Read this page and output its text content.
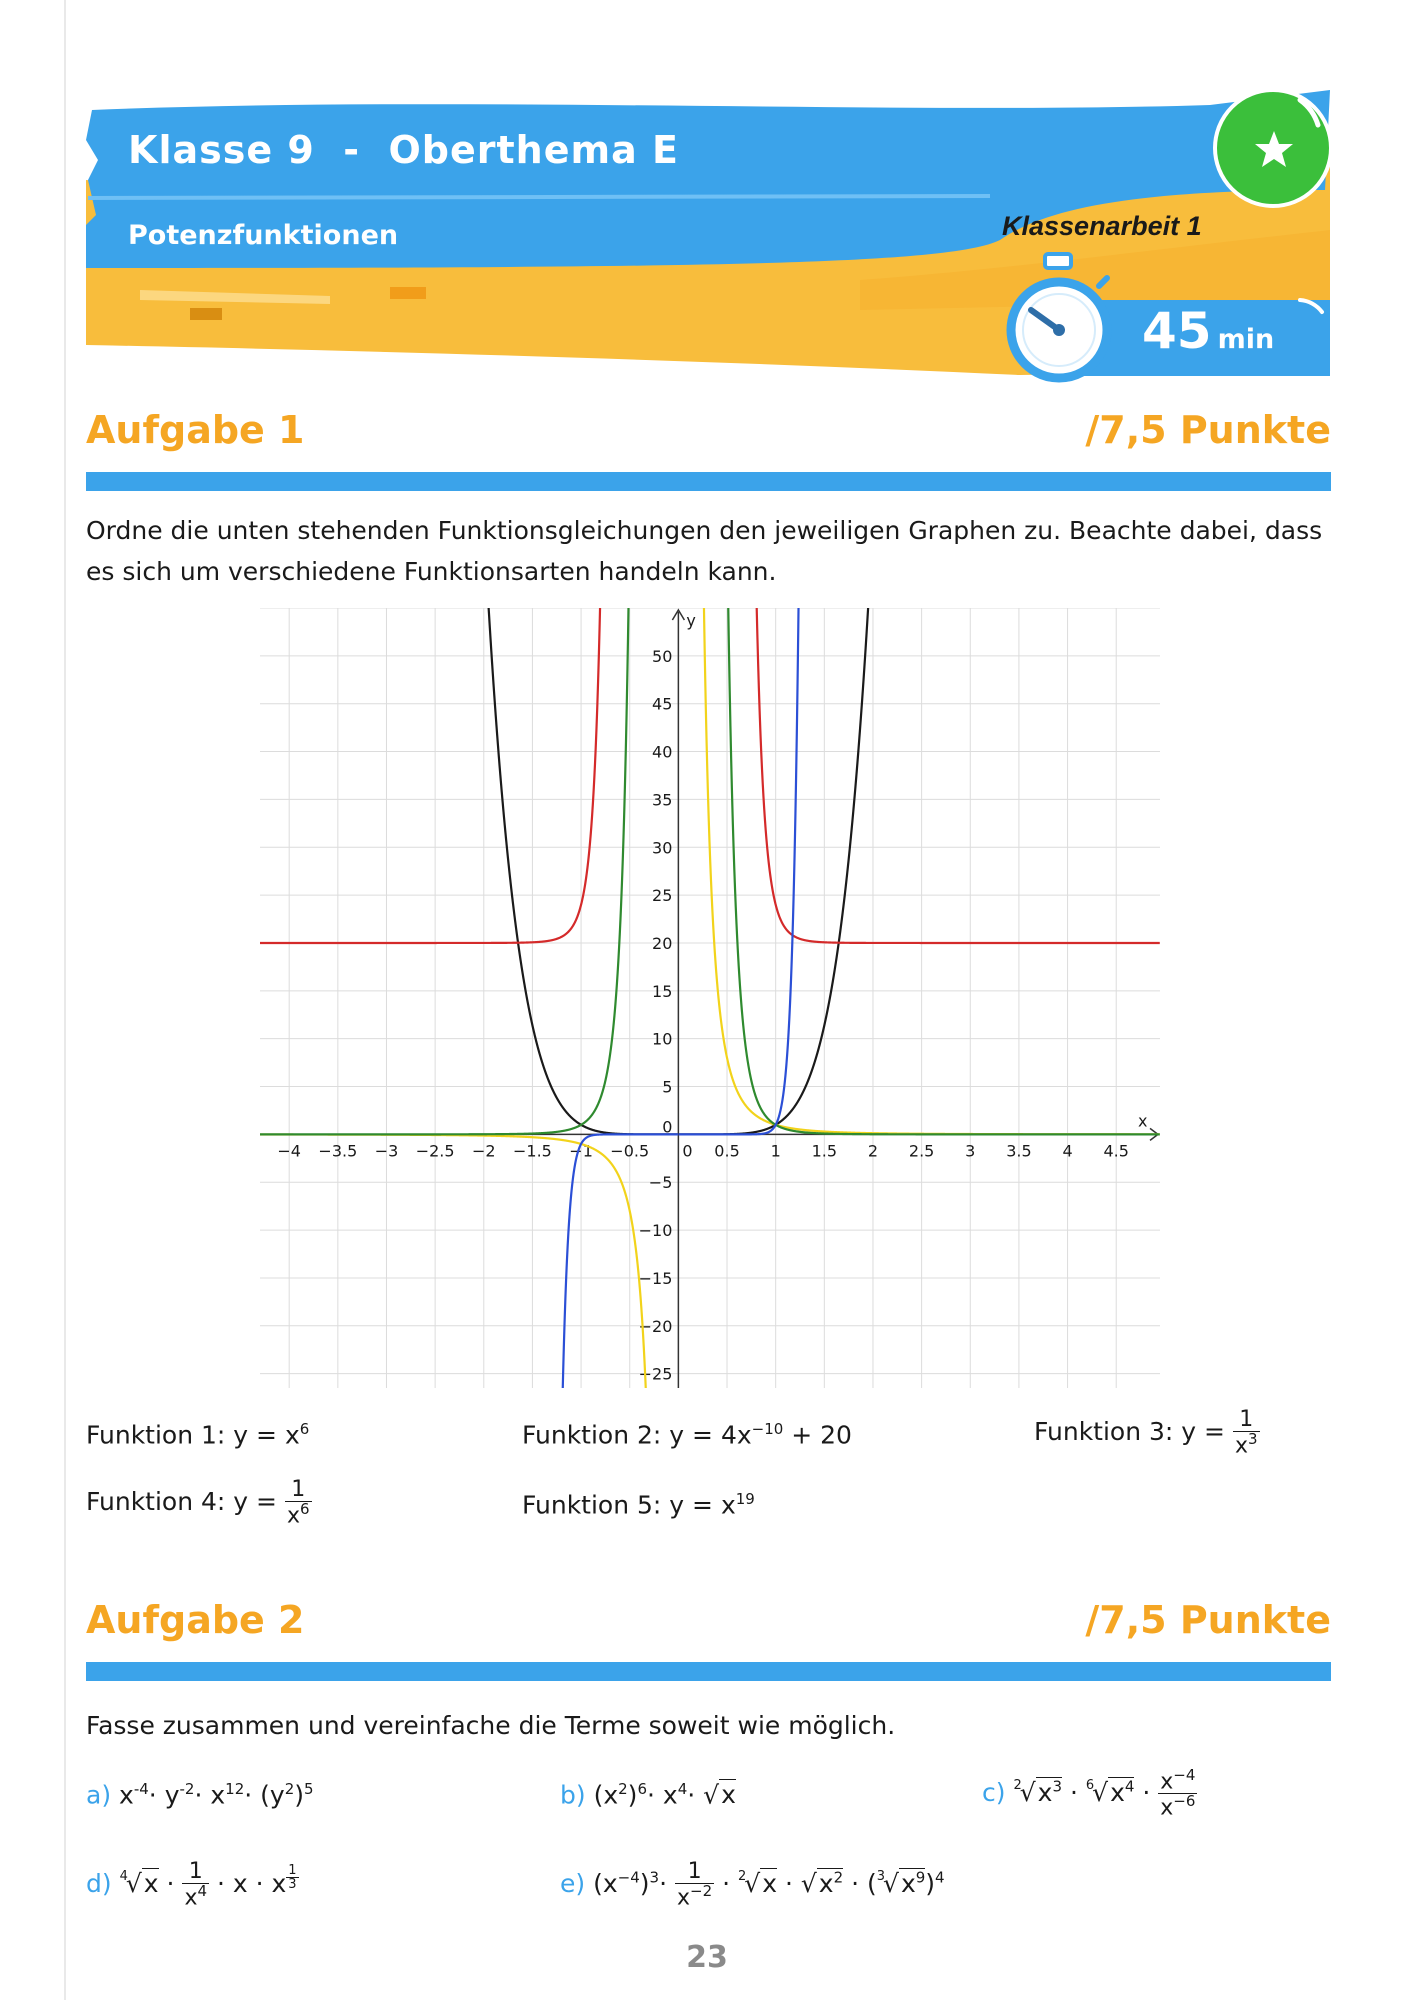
Klasse 9  -  Oberthema E
Potenzfunktionen	Klassenarbeit 1
45 min
Aufgabe 1	/7,5 Punkte
Ordne die unten stehenden Funktionsgleichungen den jeweiligen Graphen zu. Beachte dabei, dass es sich um verschiedene Funktionsarten handeln kann.
x
y
−4 −3.5 −3 −2.5 −2 −1.5 −1 −0.5 0 0.5 1 1.5 2 2.5 3 3.5 4 4.5
50
45
40
35
30
25
20
15
10
5
0
−5
−10
−15
−20
−25
Funktion 1: $y = x^6$	Funktion 2: $y = 4x^{-10} + 20$	Funktion 3: $y = \frac{1}{x^3}$
Funktion 4: $y = \frac{1}{x^6}$	Funktion 5: $y = x^{19}$
Aufgabe 2	/7,5 Punkte
Fasse zusammen und vereinfache die Terme soweit wie möglich.
a) $x^{-4}\cdot y^{-2}\cdot x^{12}\cdot (y^2)^5$	b) $(x^2)^6\cdot x^4\cdot √x$	c) $^2√x^3 \cdot ^6√x^4 \cdot \frac{x^{-4}}{x^{-6}}$
d) $^4√x \cdot \frac{1}{x^4} \cdot x \cdot x$ $^{\frac{1}{3}}$	e) $(x^{-4})^3\cdot \frac{1}{x^{-2}} \cdot ^2√x \cdot √x^2 \cdot (^3√x^9)^4$
23
